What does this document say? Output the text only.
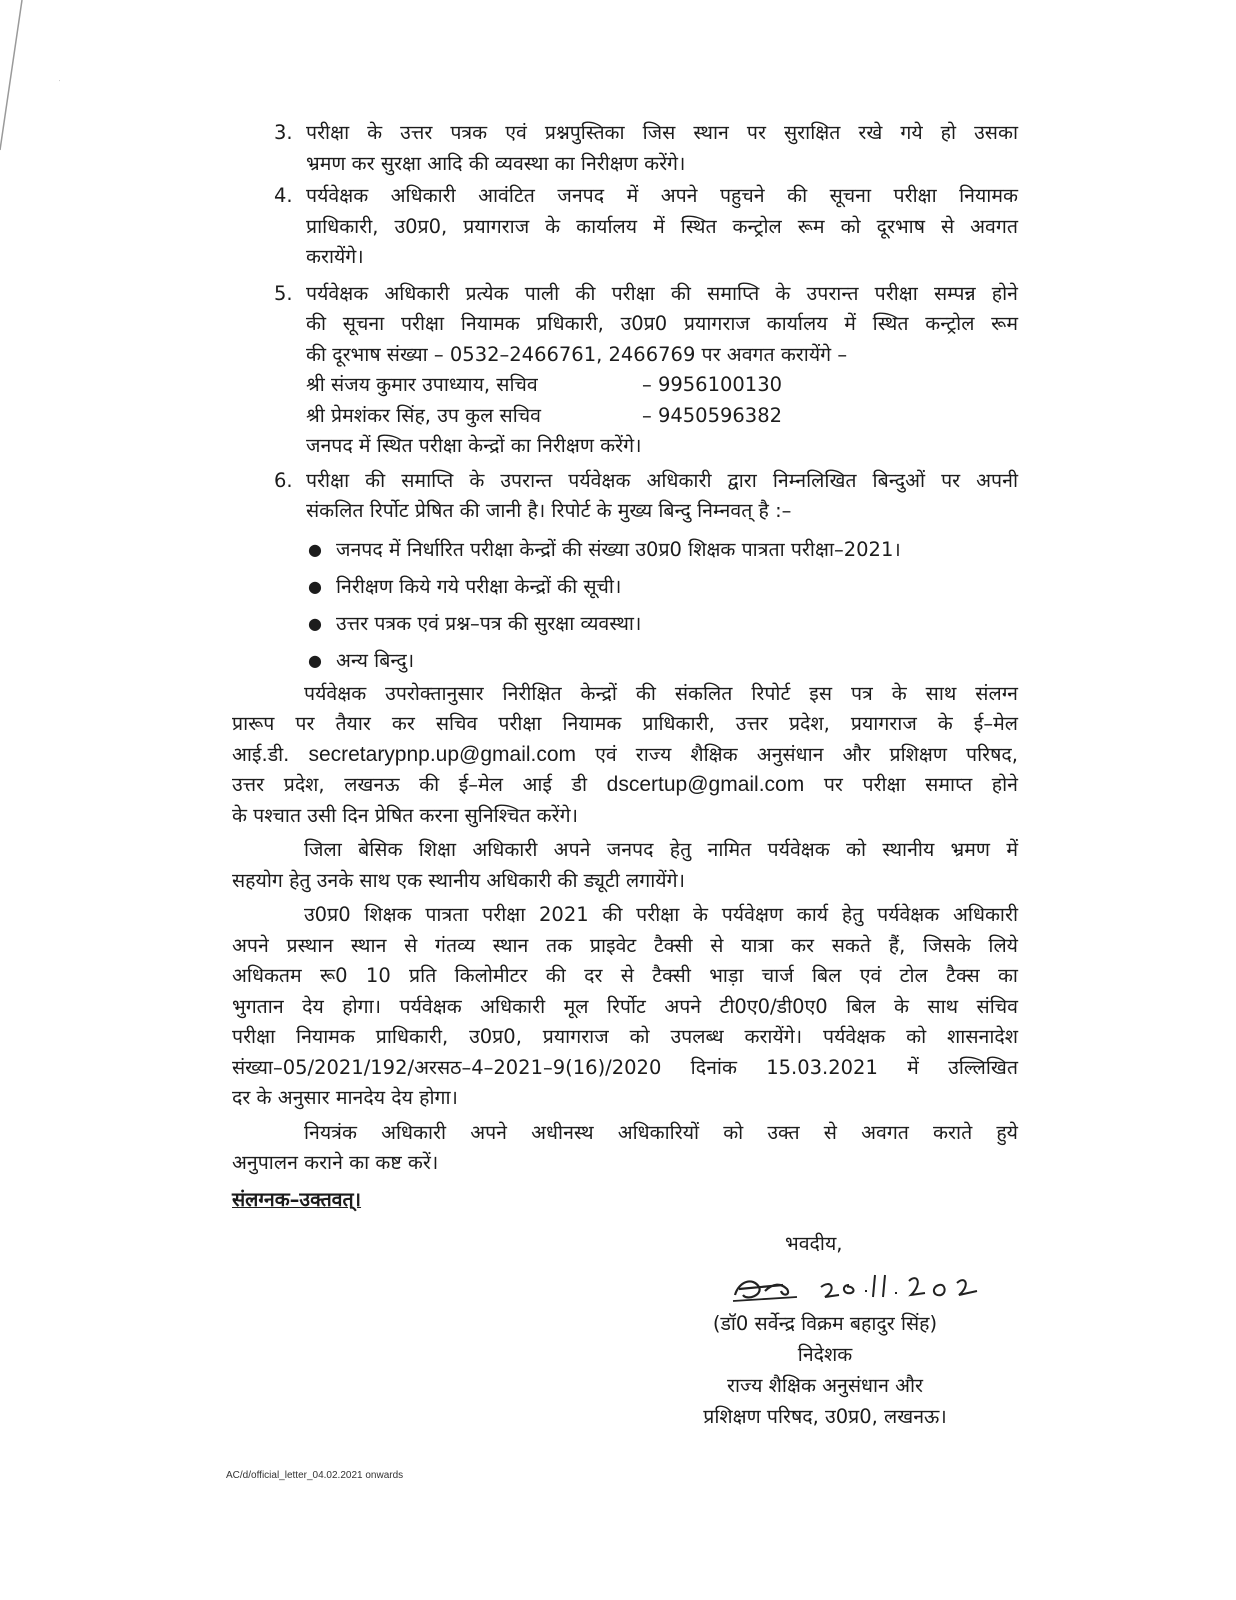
3. परीक्षा के उत्तर पत्रक एवं प्रश्नपुस्तिका जिस स्थान पर सुराक्षित रखे गये हो उसका
भ्रमण कर सुरक्षा आदि की व्यवस्था का निरीक्षण करेंगे।
4. पर्यवेक्षक अधिकारी आवंटित जनपद में अपने पहुचने की सूचना परीक्षा नियामक
प्राधिकारी, उ0प्र0, प्रयागराज के कार्यालय में स्थित कन्ट्रोल रूम को दूरभाष से अवगत
करायेंगे।
5. पर्यवेक्षक अधिकारी प्रत्येक पाली की परीक्षा की समाप्ति के उपरान्त परीक्षा सम्पन्न होने
की सूचना परीक्षा नियामक प्रधिकारी, उ0प्र0 प्रयागराज कार्यालय में स्थित कन्ट्रोल रूम
की दूरभाष संख्या – 0532–2466761, 2466769 पर अवगत करायेंगे –
श्री संजय कुमार उपाध्याय, सचिव	– 9956100130
श्री प्रेमशंकर सिंह, उप कुल सचिव	– 9450596382
जनपद में स्थित परीक्षा केन्द्रों का निरीक्षण करेंगे।
6. परीक्षा की समाप्ति के उपरान्त पर्यवेक्षक अधिकारी द्वारा निम्नलिखित बिन्दुओं पर अपनी
संकलित रिर्पोट प्रेषित की जानी है। रिपोर्ट के मुख्य बिन्दु निम्नवत् है :–
● जनपद में निर्धारित परीक्षा केन्द्रों की संख्या उ0प्र0 शिक्षक पात्रता परीक्षा–2021।
● निरीक्षण किये गये परीक्षा केन्द्रों की सूची।
● उत्तर पत्रक एवं प्रश्न–पत्र की सुरक्षा व्यवस्था।
● अन्य बिन्दु।
पर्यवेक्षक उपरोक्तानुसार निरीक्षित केन्द्रों की संकलित रिपोर्ट इस पत्र के साथ संलग्न
प्रारूप पर तैयार कर सचिव परीक्षा नियामक प्राधिकारी, उत्तर प्रदेश, प्रयागराज के ई–मेल
आई.डी. secretarypnp.up@gmail.com एवं राज्य शैक्षिक अनुसंधान और प्रशिक्षण परिषद,
उत्तर प्रदेश, लखनऊ की ई–मेल आई डी dscertup@gmail.com पर परीक्षा समाप्त होने
के पश्चात उसी दिन प्रेषित करना सुनिश्चित करेंगे।
जिला बेसिक शिक्षा अधिकारी अपने जनपद हेतु नामित पर्यवेक्षक को स्थानीय भ्रमण में
सहयोग हेतु उनके साथ एक स्थानीय अधिकारी की ड्यूटी लगायेंगे।
उ0प्र0 शिक्षक पात्रता परीक्षा 2021 की परीक्षा के पर्यवेक्षण कार्य हेतु पर्यवेक्षक अधिकारी
अपने प्रस्थान स्थान से गंतव्य स्थान तक प्राइवेट टैक्सी से यात्रा कर सकते हैं, जिसके लिये
अधिकतम रू0 10 प्रति किलोमीटर की दर से टैक्सी भाड़ा चार्ज बिल एवं टोल टैक्स का
भुगतान देय होगा। पर्यवेक्षक अधिकारी मूल रिर्पोट अपने टी0ए0/डी0ए0 बिल के साथ संचिव
परीक्षा नियामक प्राधिकारी, उ0प्र0, प्रयागराज को उपलब्ध करायेंगे। पर्यवेक्षक को शासनादेश
संख्या–05/2021/192/अरसठ–4–2021–9(16)/2020 दिनांक 15.03.2021 में उल्लिखित
दर के अनुसार मानदेय देय होगा।
नियत्रंक अधिकारी अपने अधीनस्थ अधिकारियों को उक्त से अवगत कराते हुये
अनुपालन कराने का कष्ट करें।
संलग्नक–उक्तवत्।
भवदीय,
(डॉ0 सर्वेन्द्र विक्रम बहादुर सिंह)
निदेशक
राज्य शैक्षिक अनुसंधान और
प्रशिक्षण परिषद, उ0प्र0, लखनऊ।
AC/d/official_letter_04.02.2021 onwards
